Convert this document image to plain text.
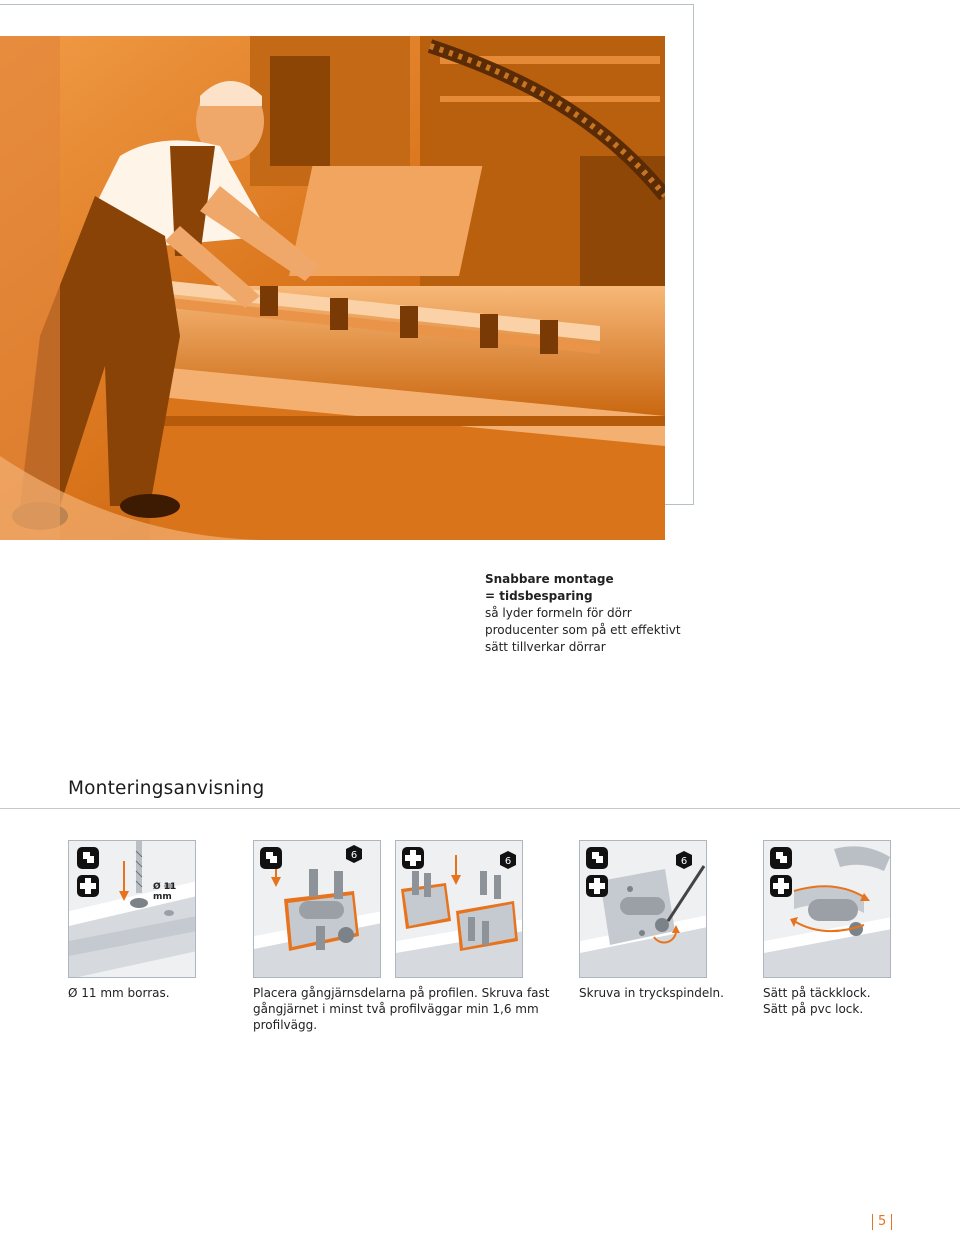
Snabbare montage
= tidsbesparing
så lyder formeln för dörr
producenter som på ett effektivt
sätt tillverkar dörrar
Monteringsanvisning
Ø 11 mm
Ø 11 mm borras.
6
Placera gångjärnsdelarna på profilen. Skruva fast gångjärnet i minst två profilväggar min 1,6 mm profilvägg.
6	6
Skruva in tryckspindeln.	Sätt på täckklock.
Sätt på pvc lock.
5
